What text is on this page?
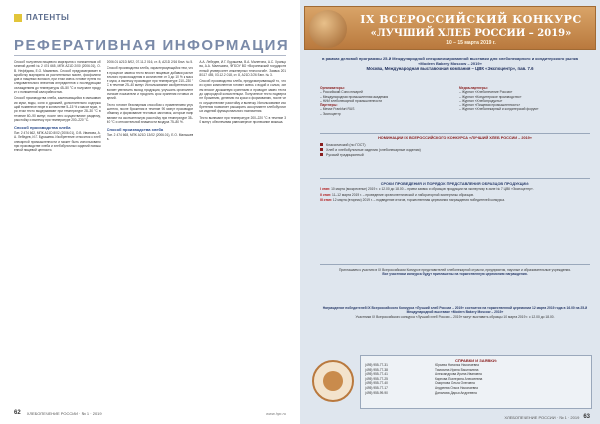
ПАТЕНТЫ
РЕФЕРАТИВНАЯ ИНФОРМАЦИЯ
Способ получения пищевого маргарина с пониженным объемной долей № 2 474 665, МПК A21D 2/00 (2006.01), О.В. Нефёдова, Е.О. Мамзевич. Способ предусматривает выработку маргарина из растительных масел, фосфолипидов и пищевых волокон, при этом смесь готовят путем последовательного внесения ингредиентов с последующим охлаждением до температуры 45–50 °С и получают продукт с пониженной калорийностью.
Способ производства хлеба, заключающийся в смешивании муки, воды, соли и дрожжей, дополнительно содержащий тыквенное пюре в количестве 5–15 % к массе муки, при этом тесто выдерживают при температуре 28–30 °С в течение 60–90 минут, после чего осуществляют разделку, расстойку и выпечку при температуре 200–220 °С.
Способ производства хлеба
Пат. 2 474 662, МПК A21D 8/02 (2006.01), О.В. Иванова, А.А. Лебедев, И.Г. Бурашева. Изобретение относится к хлебопекарной промышленности и может быть использовано при производстве хлеба и хлебобулочных изделий повышенной пищевой ценности.
2006.01 A21D 8/02, 07.11.2 016, ст. 8, A21D 2/16 Бюл. № 5.
Способ производства хлеба, характеризующийся тем, что в процессе замеса тесто вносят пищевые добавки растительного происхождения в количестве от 3 до 10 % к массе муки, а выпечку производят при температуре 210–230 °С в течение 25–40 минут. Использование изобретения позволяет увеличить выход продукции, улучшить органолептические показатели и продлить срок хранения готовых изделий.
Тесто готовят безопарным способом с применением улучшителя, после брожения в течение 90 минут производят обминку и формование тестовых заготовок, которые направляют на окончательную расстойку при температуре 35–40 °С и относительной влажности воздуха 75–80 %.
Способ производства хлеба
Пат. 2 474 668, МПК A21D 13/02 (2006.01), Е.О. Малышева.
А.А. Лебедев, И.Г. Бурашева, В.А. Малетина, А.С. Храпцова, А.А. Малешина, ФГБОУ ВО «Воронежский государственный университет инженерных технологий». Заявка 2018/117 455, 03.12.2 018, ст. 8, A21D 2/26 Бюл. № 3.
Способ производства хлеба, предусматривающий то, что из сухих компонентов готовят смесь с водой и солью, затем вносят дрожжевую суспензию и проводят замес теста до однородной консистенции. Полученное тесто подвергают брожению, делению на куски и формованию, после чего осуществляют расстойку и выпечку. Использование изобретения позволяет расширить ассортимент хлебобулочных изделий функционального назначения.
Тесто выпекают при температуре 200–220 °С в течение 30 минут, обеспечивая равномерное пропекание мякиша.
62 ХЛЕБОПЕЧЕНИЕ РОССИИ · № 1 · 2019	www.hpr.ru
IX ВСЕРОССИЙСКИЙ КОНКУРС
«ЛУЧШИЙ ХЛЕБ РОССИИ – 2019»
10 – 15 марта 2019 г.
в рамках деловой программы 25-й Международной специализированной выставки для хлебопекарного и кондитерского рынка «Modern Bakery Moscow – 2019»
Москва, Международная выставочная компания – ЦВК «Экспоцентр», пав. 7.6
Организаторы:
– Российский Союз пекарей
– Международная промышленная академия
– НИИ хлебопекарной промышленности
Партнеры:
– Messe Frankfurt RUS
– Экспоцентр
Медиа-партнеры:
– Журнал «Хлебопечение России»
– Журнал «Кондитерское производство»
– Журнал «Хлебопродукты»
– Журнал «Пищевая промышленность»
– Журнал «Хлебопекарный и кондитерский форум»
НОМИНАЦИИ IX ВСЕРОССИЙСКОГО КОНКУРСА «ЛУЧШИЙ ХЛЕБ РОССИИ – 2019»
Классический (по ГОСТ)
Хлеб и хлебобулочные изделия (хлебопекарные изделия)
Русский традиционный
СРОКИ ПРОВЕДЕНИЯ И ПОРЯДОК ПРЕДСТАВЛЕНИЯ ОБРАЗЦОВ ПРОДУКЦИИ:

I этап: 10 марта (воскресенье) 2019 г. с 12.00 до 18.00 – прием заявок и образцов продукции на экспертизу в зале № 7 ЦВК «Экспоцентр».

II этап: 11–12 марта 2019 г. – проведение органолептической и лабораторной экспертизы образцов.

III этап: 12 марта (вторник) 2019 г. – подведение итогов, торжественная церемония награждения победителей конкурса.

Приглашаем к участию в IX Всероссийском Конкурсе представителей хлебопекарной отрасли, предприятия, научные и образовательные учреждения.
Все участники конкурса будут приглашены на торжественную церемонию награждения.
Награждение победителей IX Всероссийского Конкурса «Лучший хлеб России – 2019» состоится на торжественной церемонии 12 марта 2019 года в 16.00 на 25-й Международной выставке «Modern Bakery Moscow – 2019»
Участники IX Всероссийского конкурса «Лучший хлеб России – 2019» могут выставить образцы 10 марта 2019 г. с 12.00 до 18.00.
СПРАВКИ И ЗАЯВКИ:
(495) 955-77-31	Юрьева Наталья Николаевна
(495) 955-77-38	Тимохина Ирина Васильевна
(495) 955-77-41	Александрова Ирина Ивановна
(495) 955-77-25	Карпова Екатерина Алексеевна
(495) 955-77-40	Смирнова Ольга Олеговна
(495) 955-77-17	Андреева Ольга Николаевна
(495) 955-99-90	Данилова Дарья Андреевна
ХЛЕБОПЕЧЕНИЕ РОССИИ · № 1 · 2019 63
